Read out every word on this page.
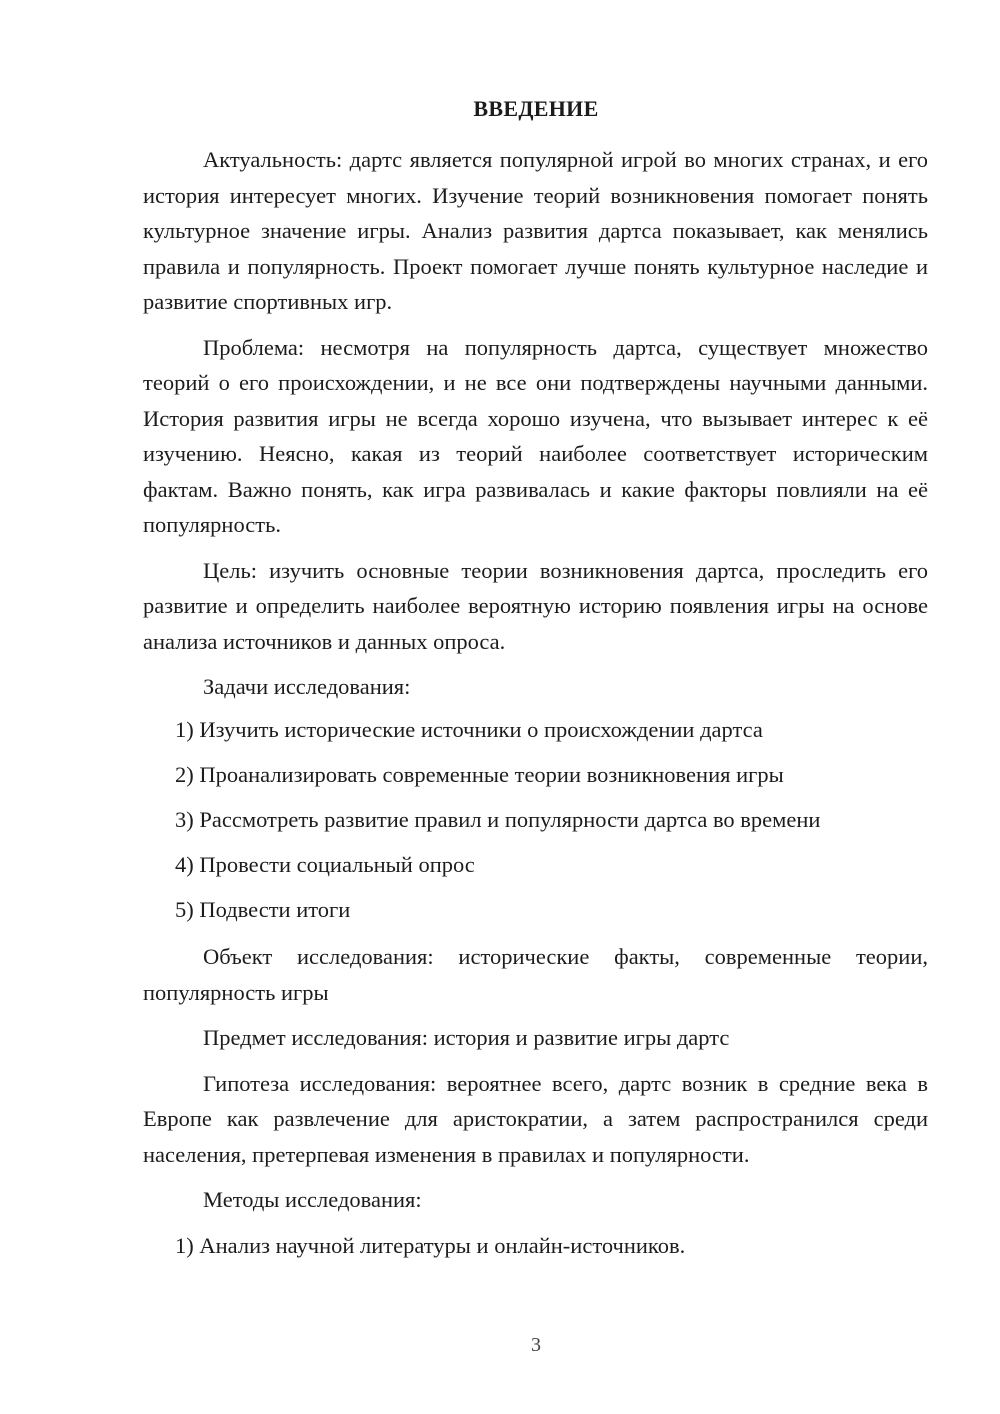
ВВЕДЕНИЕ

Актуальность: дартс является популярной игрой во многих странах, и его история интересует многих. Изучение теорий возникновения помогает понять культурное значение игры. Анализ развития дартса показывает, как менялись правила и популярность. Проект помогает лучше понять культурное наследие и развитие спортивных игр.

Проблема: несмотря на популярность дартса, существует множество теорий о его происхождении, и не все они подтверждены научными данными. История развития игры не всегда хорошо изучена, что вызывает интерес к её изучению. Неясно, какая из теорий наиболее соответствует историческим фактам. Важно понять, как игра развивалась и какие факторы повлияли на её популярность.

Цель: изучить основные теории возникновения дартса, проследить его развитие и определить наиболее вероятную историю появления игры на основе анализа источников и данных опроса.

Задачи исследования:

1) Изучить исторические источники о происхождении дартса

2) Проанализировать современные теории возникновения игры

3) Рассмотреть развитие правил и популярности дартса во времени

4) Провести социальный опрос

5) Подвести итоги

Объект исследования: исторические факты, современные теории, популярность игры

Предмет исследования: история и развитие игры дартс

Гипотеза исследования: вероятнее всего, дартс возник в средние века в Европе как развлечение для аристократии, а затем распространился среди населения, претерпевая изменения в правилах и популярности.

Методы исследования:

1) Анализ научной литературы и онлайн-источников.

3
